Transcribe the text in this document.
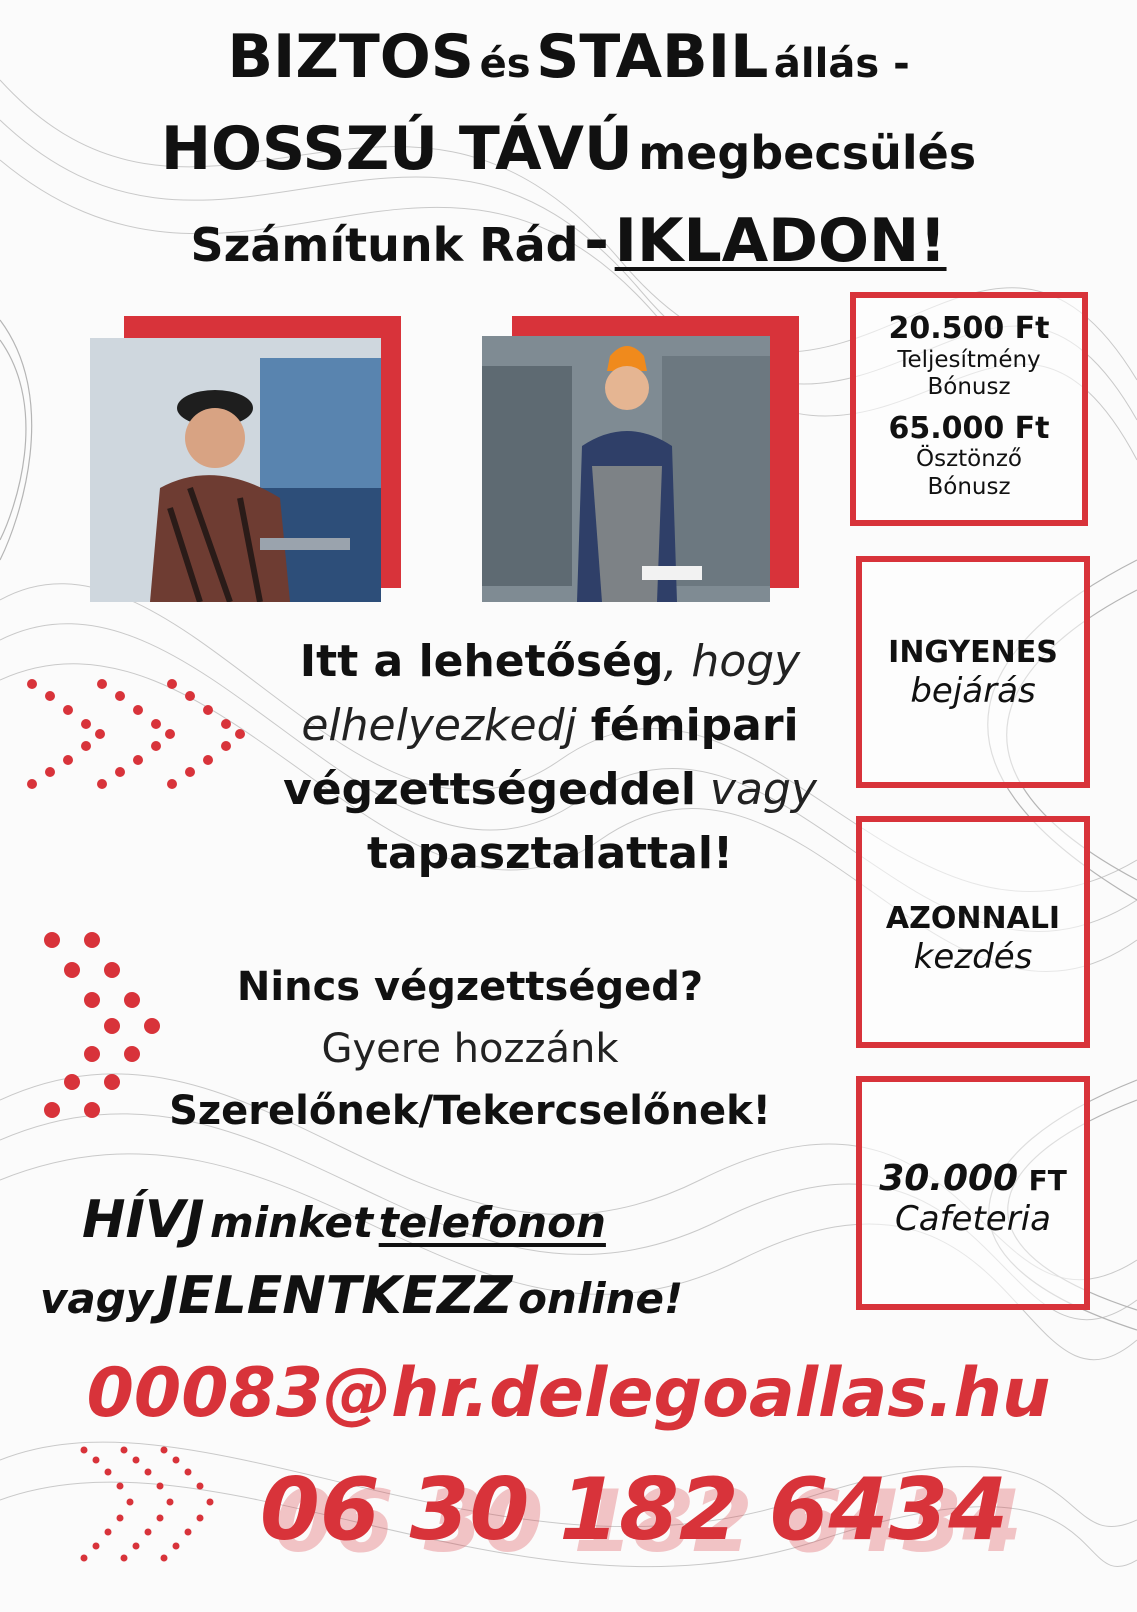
BIZTOS és STABIL állás -
HOSSZÚ TÁVÚ megbecsülés
Számítunk Rád - IKLADON!
20.500 Ft
Teljesítmény
Bónusz
65.000 Ft
Ösztönző
Bónusz
INGYENES
bejárás
AZONNALI
kezdés
30.000 FT
Cafeteria
Itt a lehetőség, hogy
elhelyezkedj fémipari
végzettségeddel vagy
tapasztalattal!
Nincs végzettséged?
Gyere hozzánk
Szerelőnek/Tekercselőnek!
HÍVJ minket telefonon
vagy JELENTKEZZ online!
00083@hr.delegoallas.hu
06 30 182 6434
